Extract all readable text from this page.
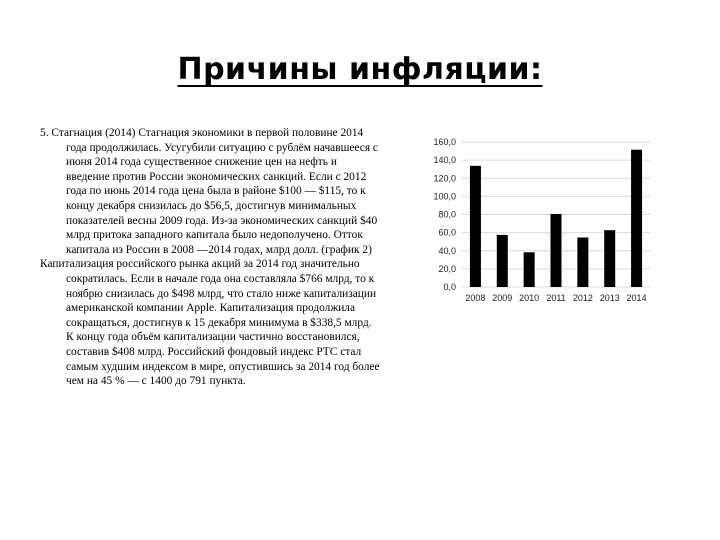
Причины инфляции:

5. Стагнация (2014) Стагнация экономики в первой половине 2014 года продолжилась. Усугубили ситуацию с рублём начавшееся с июня 2014 года существенное снижение цен на нефть и введение против России экономических санкций. Если с 2012 года по июнь 2014 года цена была в районе $100 — $115, то к концу декабря снизилась до $56,5, достигнув минимальных показателей весны 2009 года. Из-за экономических санкций $40 млрд притока западного капитала было недополучено. Отток капитала из России в 2008 —2014 годах, млрд долл. (график 2)

Капитализация российского рынка акций за 2014 год значительно сократилась. Если в начале года она составляла $766 млрд, то к ноябрю снизилась до $498 млрд, что стало ниже капитализации американской компании Apple. Капитализация продолжила сокращаться, достигнув к 15 декабря минимума в $338,5 млрд. К концу года объём капитализации частично восстановился, составив $408 млрд. Российский фондовый индекс РТС стал самым худшим индексом в мире, опустившись за 2014 год более чем на 45 % — с 1400 до 791 пункта.

0,0
20,0
40,0
60,0
80,0
100,0
120,0
140,0
160,0
2008 2009 2010 2011 2012 2013 2014
